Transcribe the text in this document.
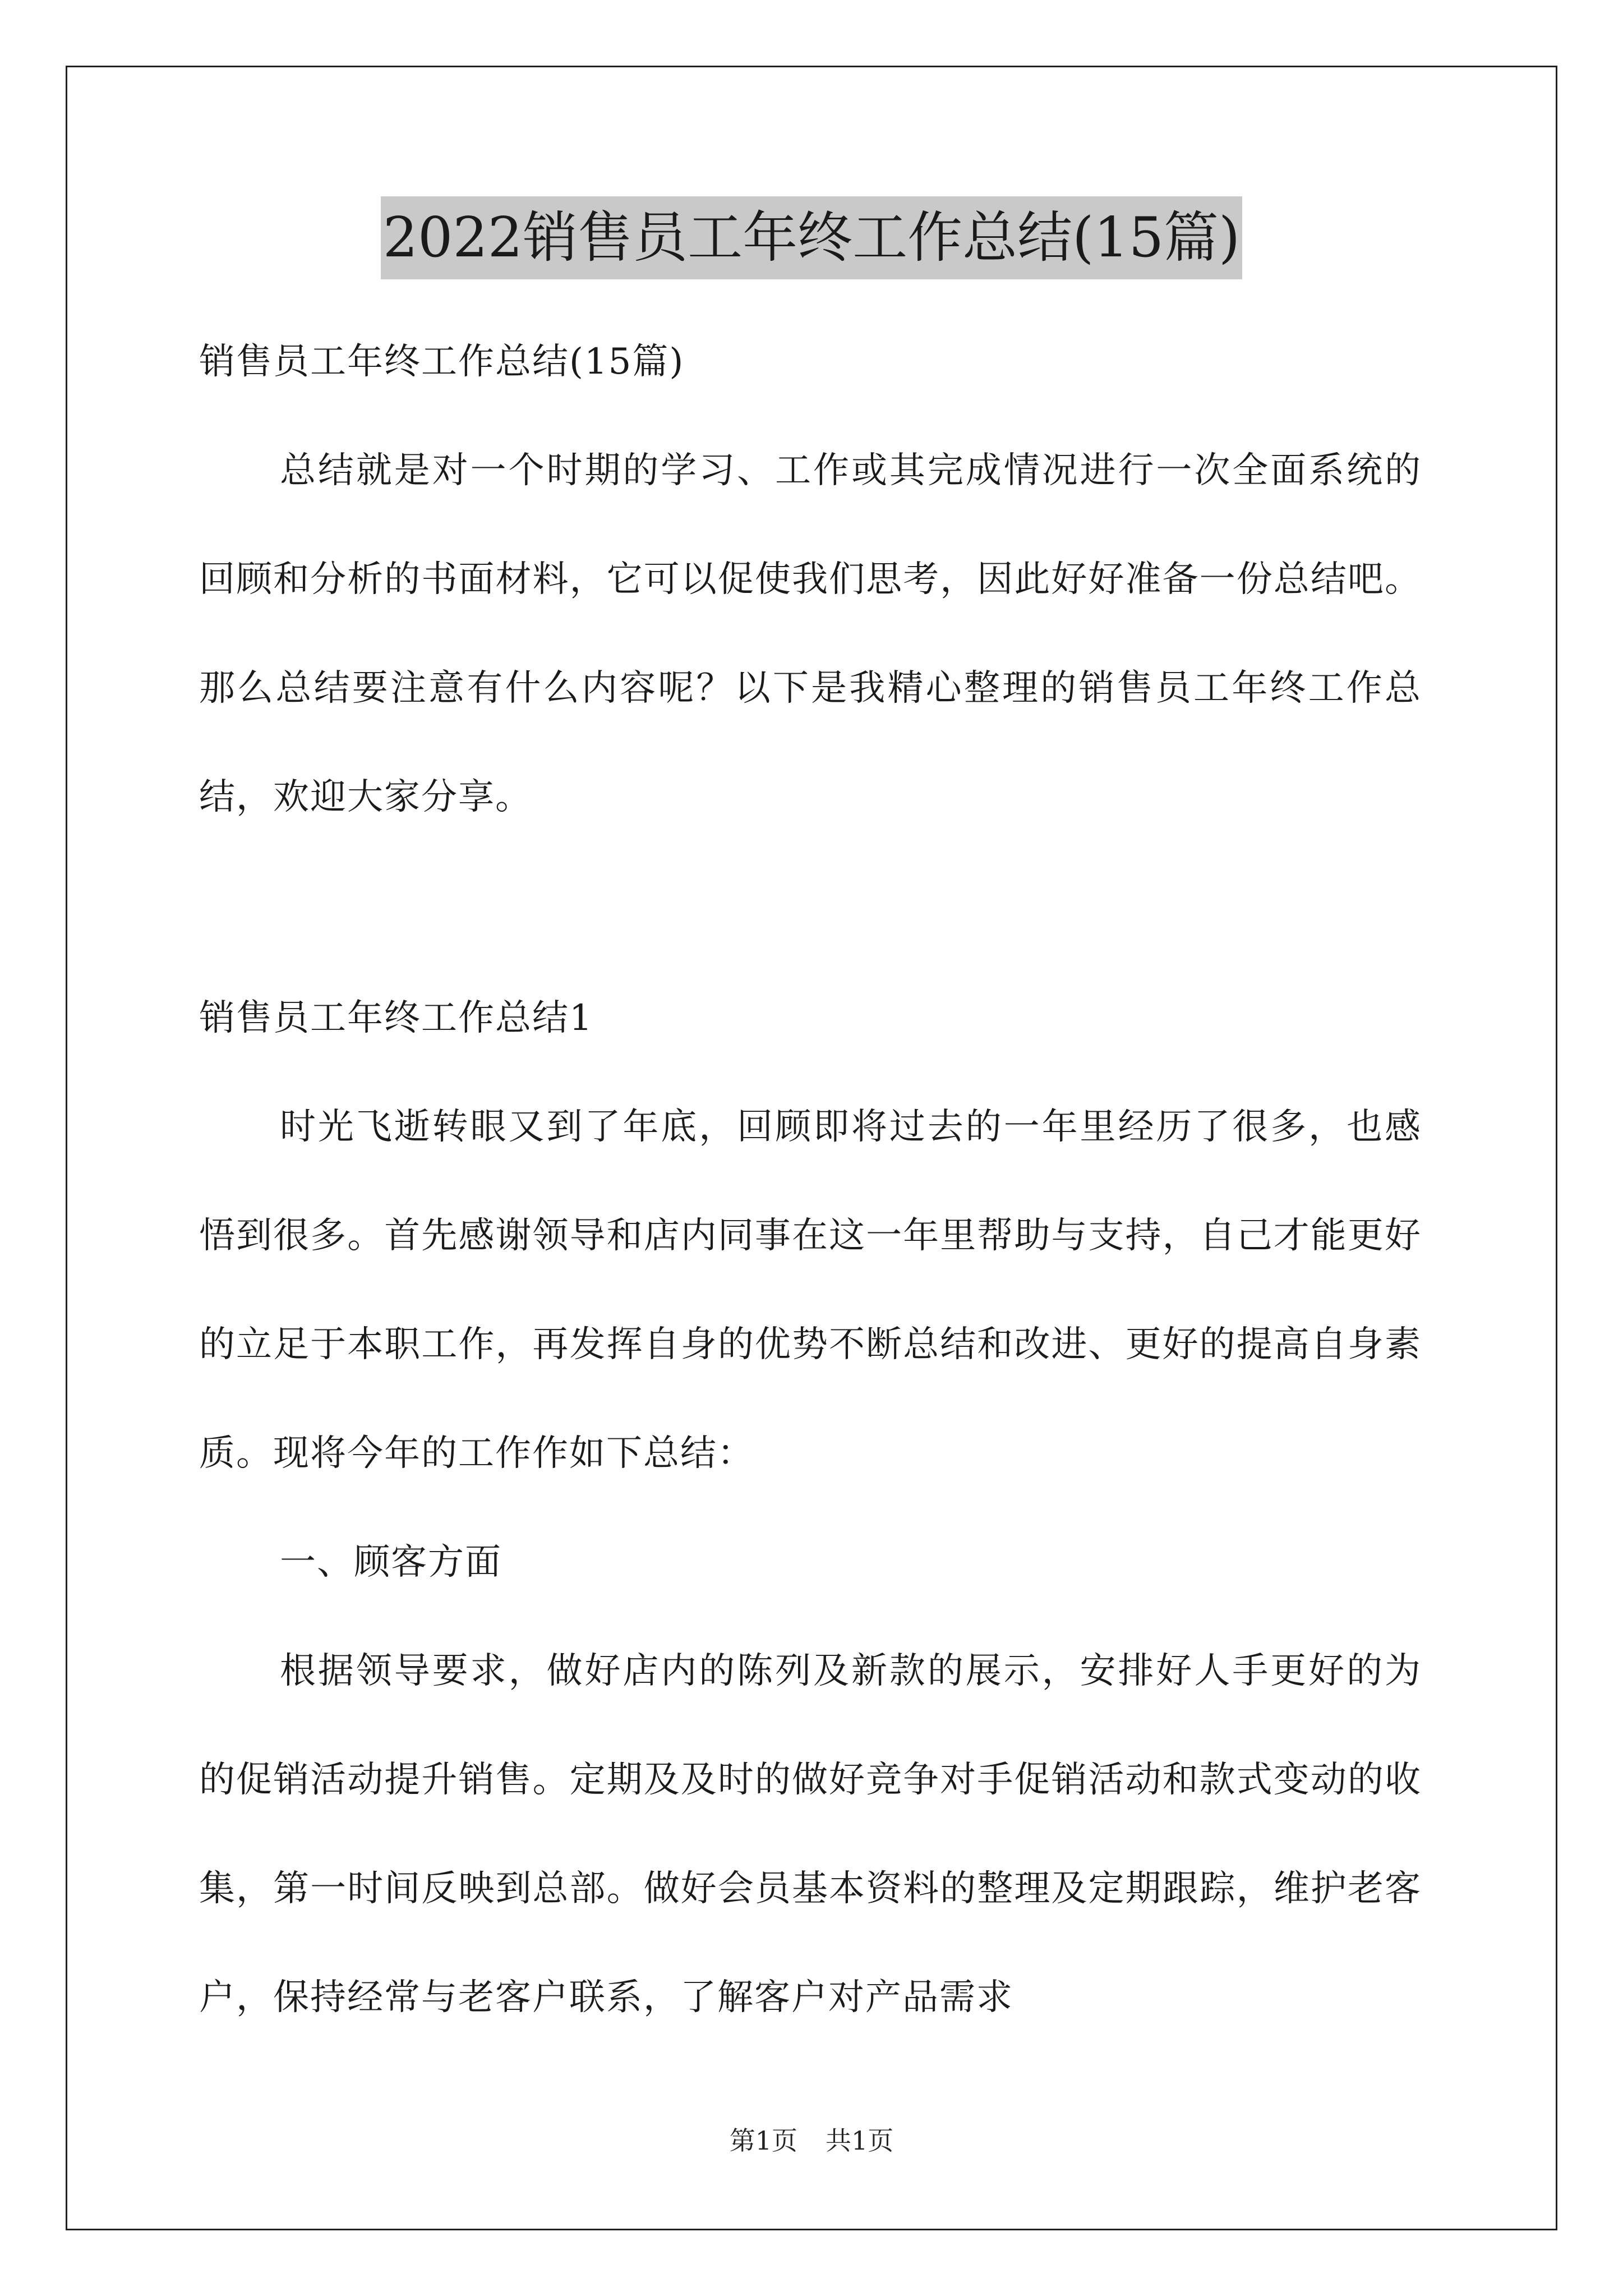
2022销售员工年终工作总结(15篇)

销售员工年终工作总结(15篇)

总结就是对一个时期的学习、工作或其完成情况进行一次全面系统的回顾和分析的书面材料，它可以促使我们思考，因此好好准备一份总结吧。那么总结要注意有什么内容呢？以下是我精心整理的销售员工年终工作总结，欢迎大家分享。

销售员工年终工作总结1

时光飞逝转眼又到了年底，回顾即将过去的一年里经历了很多，也感悟到很多。首先感谢领导和店内同事在这一年里帮助与支持，自己才能更好的立足于本职工作，再发挥自身的优势不断总结和改进、更好的提高自身素质。现将今年的工作作如下总结：

一、顾客方面

根据领导要求，做好店内的陈列及新款的展示，安排好人手更好的为的促销活动提升销售。定期及及时的做好竞争对手促销活动和款式变动的收集，第一时间反映到总部。做好会员基本资料的整理及定期跟踪，维护老客户，保持经常与老客户联系，了解客户对产品需求

第1页 共1页
